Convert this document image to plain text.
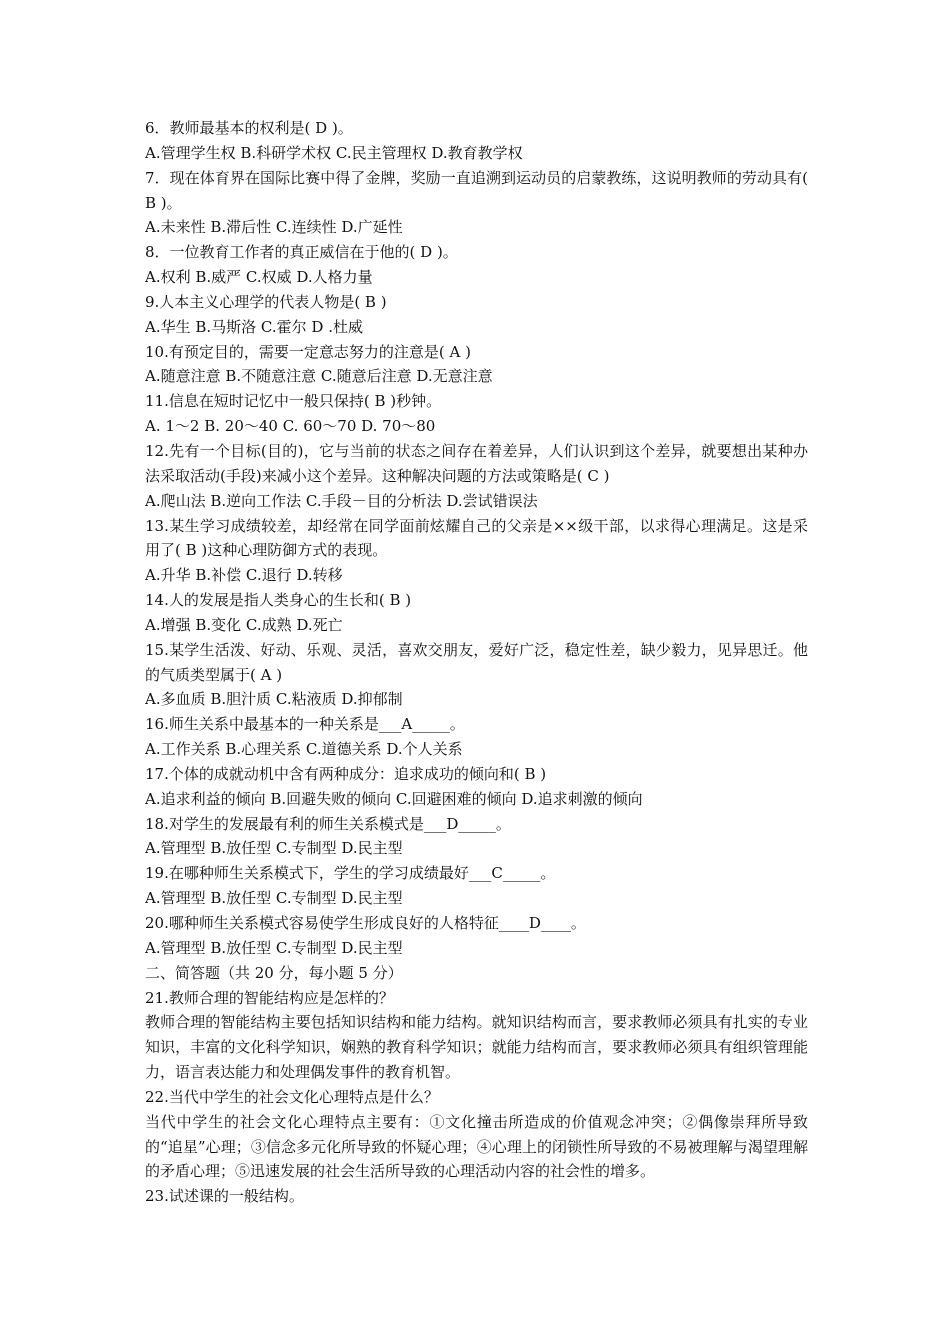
6．教师最基本的权利是( D )。
A.管理学生权 B.科研学术权 C.民主管理权 D.教育教学权
7．现在体育界在国际比赛中得了金牌，奖励一直追溯到运动员的启蒙教练，这说明教师的劳动具有( B )。
A.未来性 B.滞后性 C.连续性 D.广延性
8．一位教育工作者的真正威信在于他的( D )。
A.权利 B.威严 C.权威 D.人格力量
9.人本主义心理学的代表人物是( B )
A.华生 B.马斯洛 C.霍尔 D .杜威
10.有预定目的，需要一定意志努力的注意是( A )
A.随意注意 B.不随意注意 C.随意后注意 D.无意注意
11.信息在短时记忆中一般只保持( B )秒钟。
A. 1～2 B. 20～40 C. 60～70 D. 70～80
12.先有一个目标(目的)，它与当前的状态之间存在着差异，人们认识到这个差异，就要想出某种办法采取活动(手段)来减小这个差异。这种解决问题的方法或策略是( C )
A.爬山法 B.逆向工作法 C.手段－目的分析法 D.尝试错误法
13.某生学习成绩较差，却经常在同学面前炫耀自己的父亲是××级干部，以求得心理满足。这是采用了( B )这种心理防御方式的表现。
A.升华 B.补偿 C.退行 D.转移
14.人的发展是指人类身心的生长和( B )
A.增强 B.变化 C.成熟 D.死亡
15.某学生活泼、好动、乐观、灵活，喜欢交朋友，爱好广泛，稳定性差，缺少毅力，见异思迁。他的气质类型属于( A )
A.多血质 B.胆汁质 C.粘液质 D.抑郁制
16.师生关系中最基本的一种关系是___A_____。
A.工作关系 B.心理关系 C.道德关系 D.个人关系
17.个体的成就动机中含有两种成分：追求成功的倾向和( B )
A.追求利益的倾向 B.回避失败的倾向 C.回避困难的倾向 D.追求刺激的倾向
18.对学生的发展最有利的师生关系模式是___D_____。
A.管理型 B.放任型 C.专制型 D.民主型
19.在哪种师生关系模式下，学生的学习成绩最好___C_____。
A.管理型 B.放任型 C.专制型 D.民主型
20.哪种师生关系模式容易使学生形成良好的人格特征____D____。
A.管理型 B.放任型 C.专制型 D.民主型
二、简答题（共 20 分，每小题 5 分）
21.教师合理的智能结构应是怎样的？
教师合理的智能结构主要包括知识结构和能力结构。就知识结构而言，要求教师必须具有扎实的专业知识，丰富的文化科学知识，娴熟的教育科学知识；就能力结构而言，要求教师必须具有组织管理能力，语言表达能力和处理偶发事件的教育机智。
22.当代中学生的社会文化心理特点是什么？
当代中学生的社会文化心理特点主要有：①文化撞击所造成的价值观念冲突；②偶像崇拜所导致的“追星”心理；③信念多元化所导致的怀疑心理；④心理上的闭锁性所导致的不易被理解与渴望理解的矛盾心理；⑤迅速发展的社会生活所导致的心理活动内容的社会性的增多。
23.试述课的一般结构。
